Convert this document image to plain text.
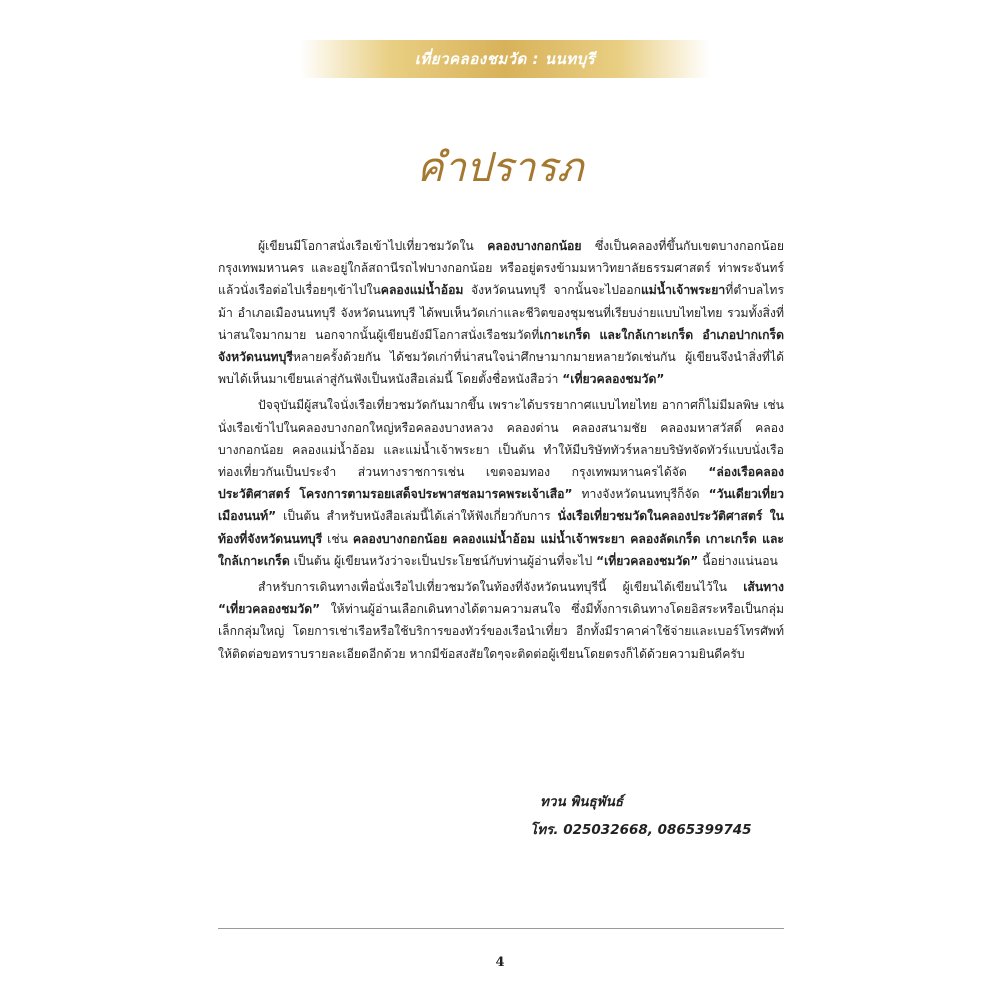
เที่ยวคลองชมวัด : นนทบุรี
คำปรารภ

ผู้เขียนมีโอกาสนั่งเรือเข้าไปเที่ยวชมวัดใน คลองบางกอกน้อย ซึ่งเป็นคลองที่ขึ้นกับเขตบางกอกน้อย กรุงเทพมหานคร และอยู่ใกล้สถานีรถไฟบางกอกน้อย หรืออยู่ตรงข้ามมหาวิทยาลัยธรรมศาสตร์ ท่าพระจันทร์ แล้วนั่งเรือต่อไปเรื่อยๆเข้าไปในคลองแม่น้ำอ้อม จังหวัดนนทบุรี จากนั้นจะไปออกแม่น้ำเจ้าพระยาที่ตำบลไทรม้า อำเภอเมืองนนทบุรี จังหวัดนนทบุรี ได้พบเห็นวัดเก่าและชีวิตของชุมชนที่เรียบง่ายแบบไทยไทย รวมทั้งสิ่งที่น่าสนใจมากมาย นอกจากนั้นผู้เขียนยังมีโอกาสนั่งเรือชมวัดที่เกาะเกร็ด และใกล้เกาะเกร็ด อำเภอปากเกร็ด จังหวัดนนทบุรีหลายครั้งด้วยกัน ได้ชมวัดเก่าที่น่าสนใจน่าศึกษามากมายหลายวัดเช่นกัน ผู้เขียนจึงนำสิ่งที่ได้พบได้เห็นมาเขียนเล่าสู่กันฟังเป็นหนังสือเล่มนี้ โดยตั้งชื่อหนังสือว่า “เที่ยวคลองชมวัด”

ปัจจุบันมีผู้สนใจนั่งเรือเที่ยวชมวัดกันมากขึ้น เพราะได้บรรยากาศแบบไทยไทย อากาศก็ไม่มีมลพิษ เช่น นั่งเรือเข้าไปในคลองบางกอกใหญ่หรือคลองบางหลวง คลองด่าน คลองสนามชัย คลองมหาสวัสดิ์ คลองบางกอกน้อย คลองแม่น้ำอ้อม และแม่น้ำเจ้าพระยา เป็นต้น ทำให้มีบริษัททัวร์หลายบริษัทจัดทัวร์แบบนั่งเรือท่องเที่ยวกันเป็นประจำ ส่วนทางราชการเช่น เขตจอมทอง กรุงเทพมหานครได้จัด “ล่องเรือคลองประวัติศาสตร์ โครงการตามรอยเสด็จประพาสชลมารคพระเจ้าเสือ” ทางจังหวัดนนทบุรีก็จัด “วันเดียวเที่ยวเมืองนนท์” เป็นต้น สำหรับหนังสือเล่มนี้ได้เล่าให้ฟังเกี่ยวกับการ นั่งเรือเที่ยวชมวัดในคลองประวัติศาสตร์ ในท้องที่จังหวัดนนทบุรี เช่น คลองบางกอกน้อย คลองแม่น้ำอ้อม แม่น้ำเจ้าพระยา คลองลัดเกร็ด เกาะเกร็ด และใกล้เกาะเกร็ด เป็นต้น ผู้เขียนหวังว่าจะเป็นประโยชน์กับท่านผู้อ่านที่จะไป “เที่ยวคลองชมวัด” นี้อย่างแน่นอน

สำหรับการเดินทางเพื่อนั่งเรือไปเที่ยวชมวัดในท้องที่จังหวัดนนทบุรีนี้ ผู้เขียนได้เขียนไว้ใน เส้นทาง “เที่ยวคลองชมวัด” ให้ท่านผู้อ่านเลือกเดินทางได้ตามความสนใจ ซึ่งมีทั้งการเดินทางโดยอิสระหรือเป็นกลุ่มเล็กกลุ่มใหญ่ โดยการเช่าเรือหรือใช้บริการของทัวร์ของเรือนำเที่ยว อีกทั้งมีราคาค่าใช้จ่ายและเบอร์โทรศัพท์ให้ติดต่อขอทราบรายละเอียดอีกด้วย หากมีข้อสงสัยใดๆจะติดต่อผู้เขียนโดยตรงก็ได้ด้วยความยินดีครับ

ทวน พินธุพันธ์
โทร. 025032668, 0865399745
4
